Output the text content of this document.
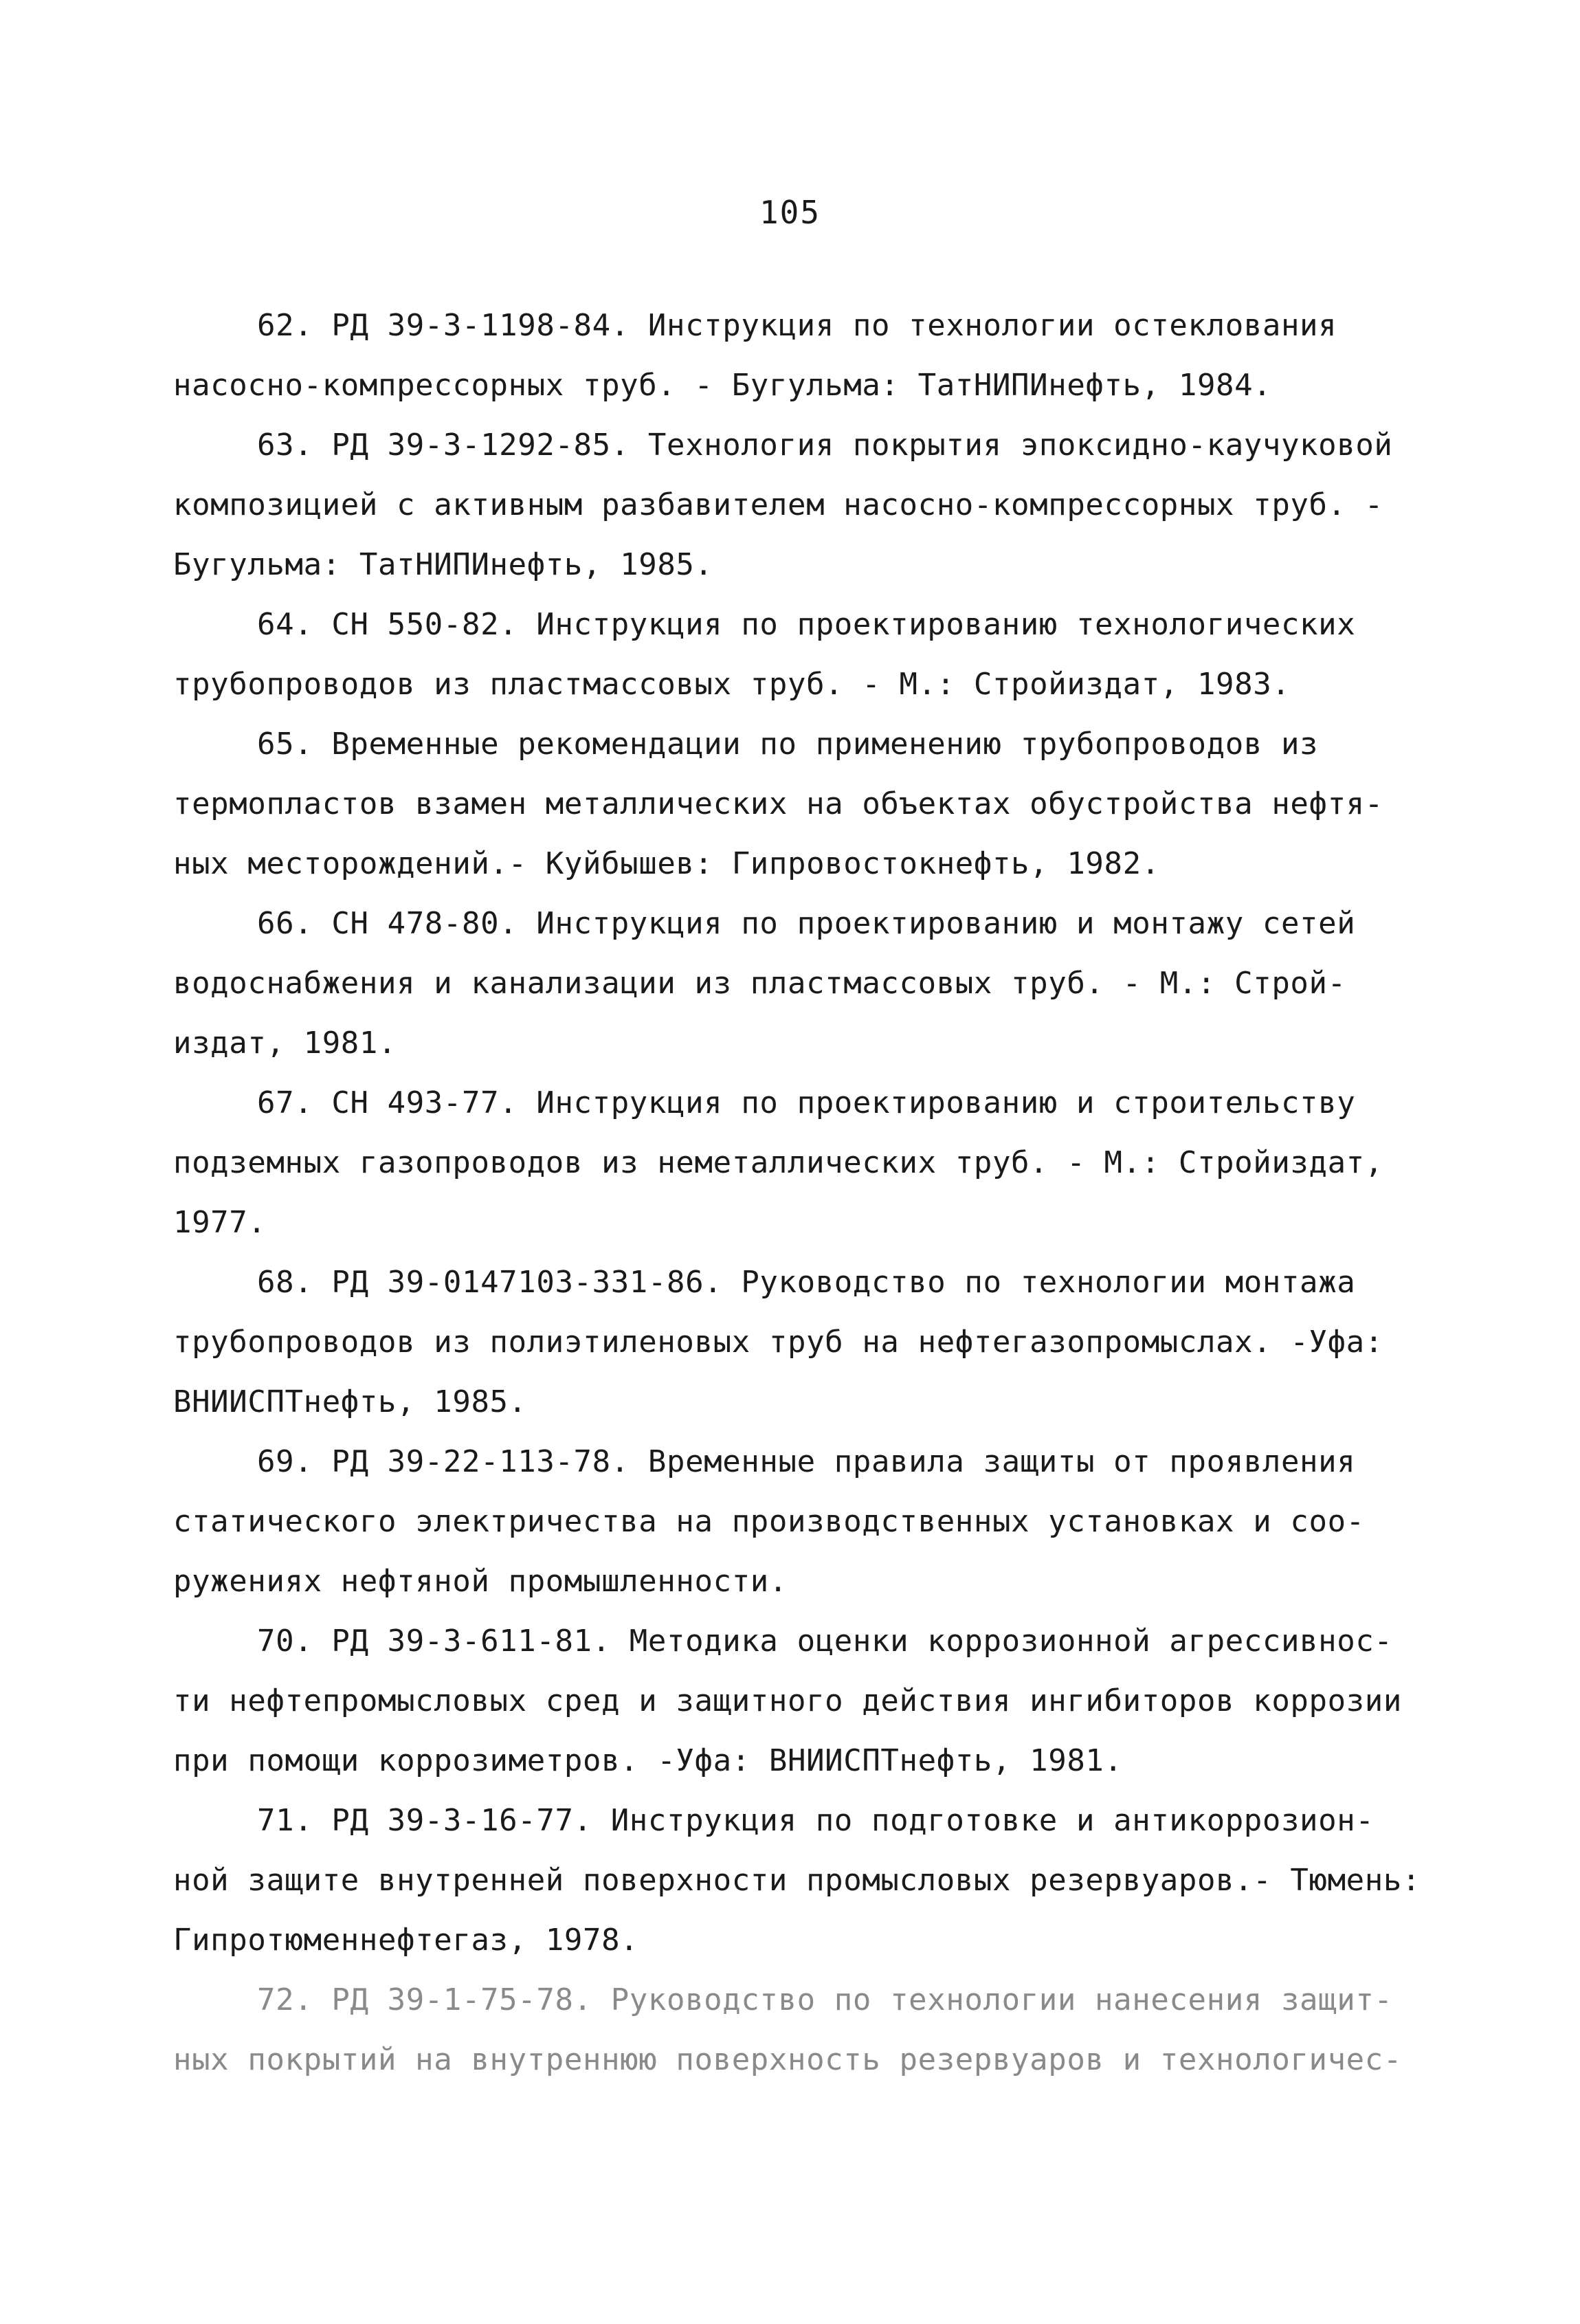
105
62. РД 39-3-1198-84. Инструкция по технологии остеклования
насосно-компрессорных труб. - Бугульма: ТатНИПИнефть, 1984.
63. РД 39-3-1292-85. Технология покрытия эпоксидно-каучуковой
композицией с активным разбавителем насосно-компрессорных труб. -
Бугульма: ТатНИПИнефть, 1985.
64. СН 550-82. Инструкция по проектированию технологических
трубопроводов из пластмассовых труб. - М.: Стройиздат, 1983.
65. Временные рекомендации по применению трубопроводов из
термопластов взамен металлических на объектах обустройства нефтя-
ных месторождений.- Куйбышев: Гипровостокнефть, 1982.
66. СН 478-80. Инструкция по проектированию и монтажу сетей
водоснабжения и канализации из пластмассовых труб. - М.: Строй-
издат, 1981.
67. СН 493-77. Инструкция по проектированию и строительству
подземных газопроводов из неметаллических труб. - М.: Стройиздат,
1977.
68. РД 39-0147103-331-86. Руководство по технологии монтажа
трубопроводов из полиэтиленовых труб на нефтегазопромыслах. -Уфа:
ВНИИСПТнефть, 1985.
69. РД 39-22-113-78. Временные правила защиты от проявления
статического электричества на производственных установках и соо-
ружениях нефтяной промышленности.
70. РД 39-3-611-81. Методика оценки коррозионной агрессивнос-
ти нефтепромысловых сред и защитного действия ингибиторов коррозии
при помощи коррозиметров. -Уфа: ВНИИСПТнефть, 1981.
71. РД 39-3-16-77. Инструкция по подготовке и антикоррозион-
ной защите внутренней поверхности промысловых резервуаров.- Тюмень:
Гипротюменнефтегаз, 1978.
72. РД 39-1-75-78. Руководство по технологии нанесения защит-
ных покрытий на внутреннюю поверхность резервуаров и технологичес-
